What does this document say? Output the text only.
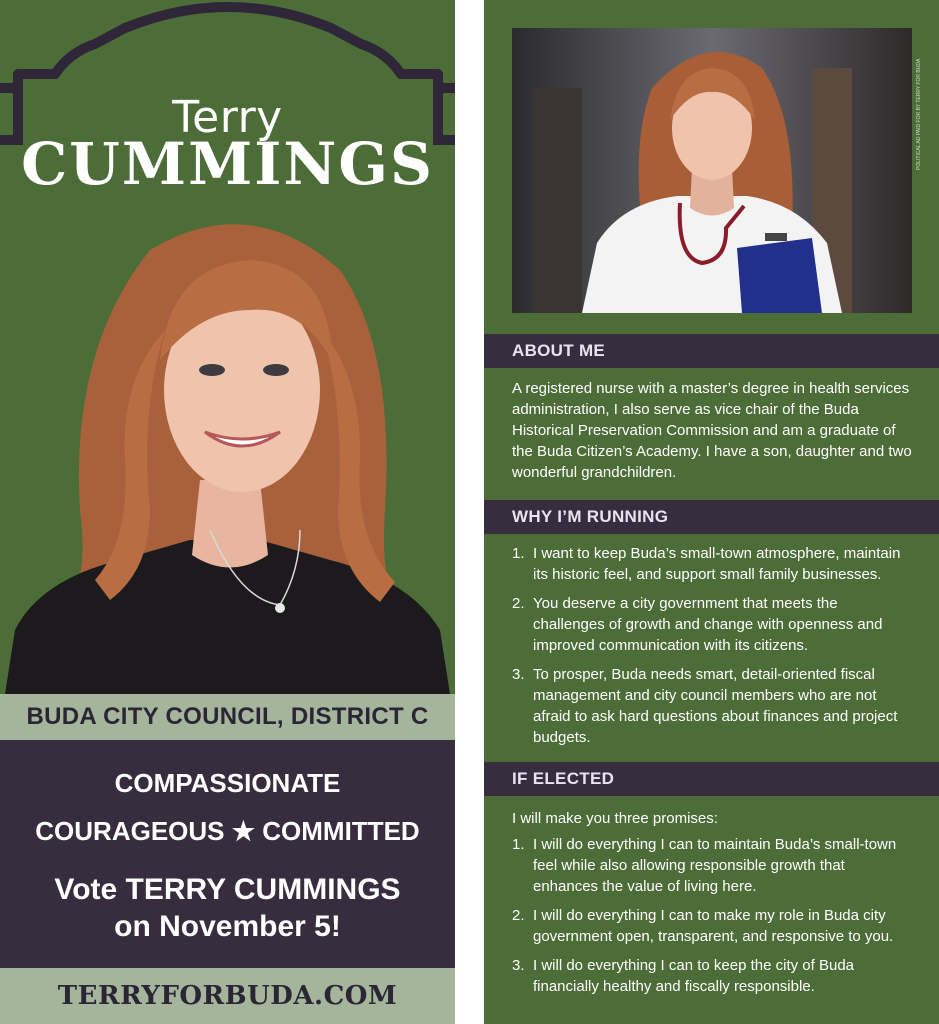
Terry
CUMMINGS
BUDA CITY COUNCIL, DISTRICT C
COMPASSIONATE
COURAGEOUS ★ COMMITTED
Vote TERRY CUMMINGS
on November 5!
TERRYFORBUDA.COM
POLITICAL AD PAID FOR BY TERRY FOR BUDA
ABOUT ME
A registered nurse with a master’s degree in health services administration, I also serve as vice chair of the Buda Historical Preservation Commission and am a graduate of the Buda Citizen’s Academy. I have a son, daughter and two wonderful grandchildren.
WHY I’M RUNNING
1. I want to keep Buda’s small-town atmosphere, maintain its historic feel, and support small family businesses.
2. You deserve a city government that meets the challenges of growth and change with openness and improved communication with its citizens.
3. To prosper, Buda needs smart, detail-oriented fiscal management and city council members who are not afraid to ask hard questions about finances and project budgets.
IF ELECTED
I will make you three promises:
1. I will do everything I can to maintain Buda’s small-town feel while also allowing responsible growth that enhances the value of living here.
2. I will do everything I can to make my role in Buda city government open, transparent, and responsive to you.
3. I will do everything I can to keep the city of Buda financially healthy and fiscally responsible.
